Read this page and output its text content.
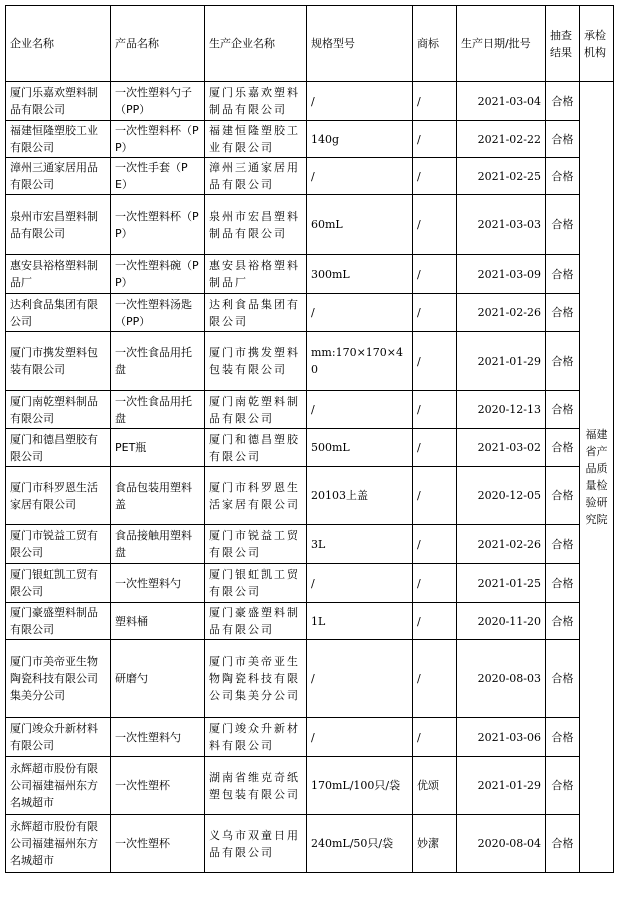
企业名称	产品名称	生产企业名称	规格型号	商标	生产日期/批号	抽查结果	承检机构
厦门乐嘉欢塑料制品有限公司	一次性塑料勺子（PP）	厦门乐嘉欢塑料制品有限公司	/	/	2021-03-04	合格	福建省产品质量检验研究院
福建恒隆塑胶工业有限公司	一次性塑料杯（PP）	福建恒隆塑胶工业有限公司	140g	/	2021-02-22	合格	
漳州三通家居用品有限公司	一次性手套（PE）	漳州三通家居用品有限公司	/	/	2021-02-25	合格	
泉州市宏昌塑料制品有限公司	一次性塑料杯（PP）	泉州市宏昌塑料制品有限公司	60mL	/	2021-03-03	合格	
惠安县裕格塑料制品厂	一次性塑料碗（PP）	惠安县裕格塑料制品厂	300mL	/	2021-03-09	合格	
达利食品集团有限公司	一次性塑料汤匙（PP）	达利食品集团有限公司	/	/	2021-02-26	合格	
厦门市携发塑料包装有限公司	一次性食品用托盘	厦门市携发塑料包装有限公司	mm:170×170×40	/	2021-01-29	合格	
厦门南乾塑料制品有限公司	一次性食品用托盘	厦门南乾塑料制品有限公司	/	/	2020-12-13	合格	
厦门和德昌塑胶有限公司	PET瓶	厦门和德昌塑胶有限公司	500mL	/	2021-03-02	合格	
厦门市科罗恩生活家居有限公司	食品包装用塑料盖	厦门市科罗恩生活家居有限公司	20103上盖	/	2020-12-05	合格	
厦门市锐益工贸有限公司	食品接触用塑料盘	厦门市锐益工贸有限公司	3L	/	2021-02-26	合格	
厦门银虹凯工贸有限公司	一次性塑料勺	厦门银虹凯工贸有限公司	/	/	2021-01-25	合格	
厦门豪盛塑料制品有限公司	塑料桶	厦门豪盛塑料制品有限公司	1L	/	2020-11-20	合格	
厦门市美帝亚生物陶瓷科技有限公司集美分公司	研磨勺	厦门市美帝亚生物陶瓷科技有限公司集美分公司	/	/	2020-08-03	合格	
厦门竣众升新材料有限公司	一次性塑料勺	厦门竣众升新材料有限公司	/	/	2021-03-06	合格	
永辉超市股份有限公司福建福州东方名城超市	一次性塑杯	湖南省维克奇纸塑包装有限公司	170mL/100只/袋	优颂	2021-01-29	合格	
永辉超市股份有限公司福建福州东方名城超市	一次性塑杯	义乌市双童日用品有限公司	240mL/50只/袋	妙潔	2020-08-04	合格	
